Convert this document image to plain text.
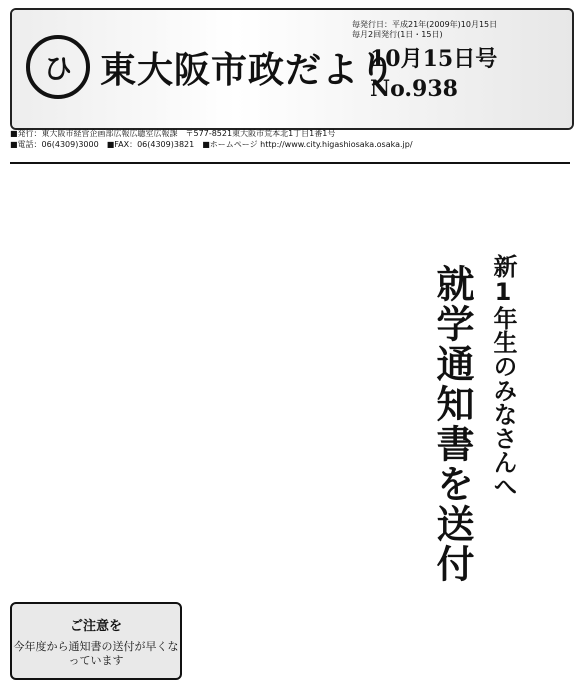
ひ 東大阪市政だより
毎発行日：平成21年(2009年)10月15日
毎月2回発行(1日・15日)
10月15日号
No.938
■発行：東大阪市経営企画部広報広聴室広報課　〒577-8521東大阪市荒本北1丁目1番1号
■電話：06(4309)3000　■FAX：06(4309)3821　■ホームページ http://www.city.higashiosaka.osaka.jp/
新1年生のみなさんへ
就学通知書を送付
ご注意を
今年度から通知書の送付が早くなっています
